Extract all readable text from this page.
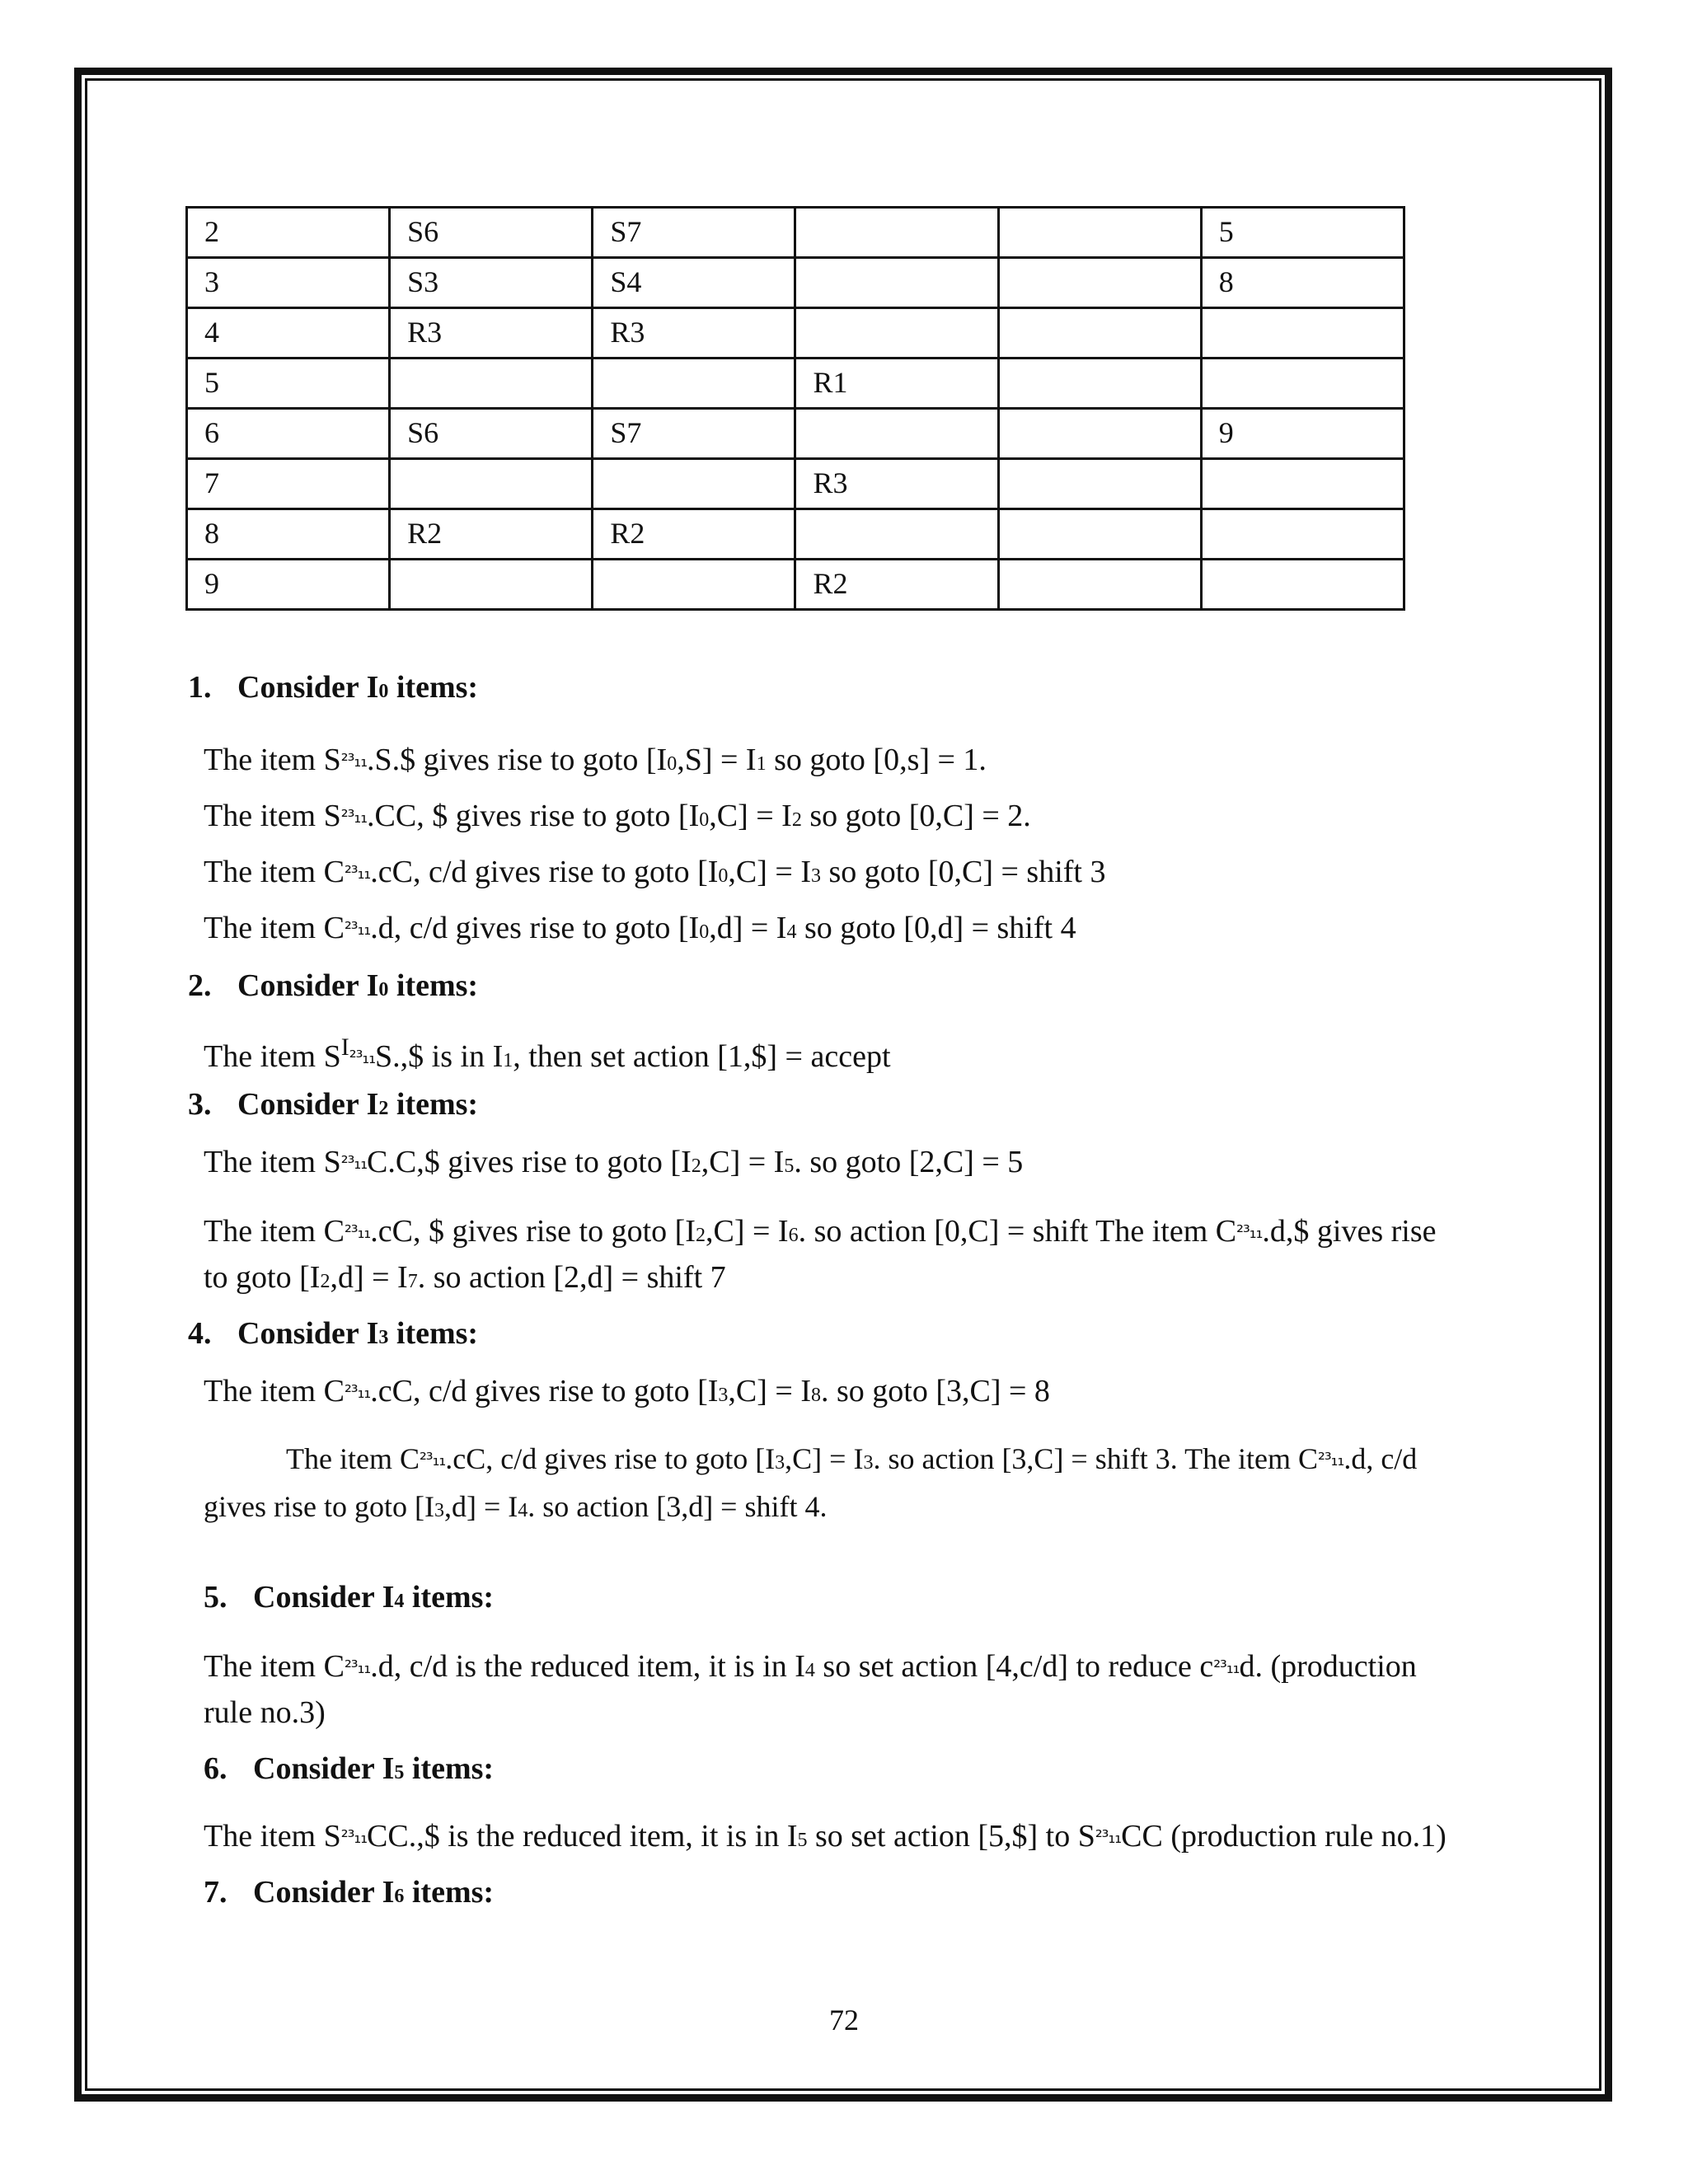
2	S6	S7			5
3	S3	S4			8
4	R3	R3			
5			R1		
6	S6	S7			9
7			R3		
8	R2	R2			
9			R2		
1. Consider I0 items:
The item S²³₁₁.S.$ gives rise to goto [I0,S] = I1 so goto [0,s] = 1.
The item S²³₁₁.CC, $ gives rise to goto [I0,C] = I2 so goto [0,C] = 2.
The item C²³₁₁.cC, c/d gives rise to goto [I0,C] = I3 so goto [0,C] = shift 3
The item C²³₁₁.d, c/d gives rise to goto [I0,d] = I4 so goto [0,d] = shift 4
2. Consider I0 items:
The item $S^I^{23}_{11}S.,\$$ is in I1, then set action [1,$] = accept
3. Consider I2 items:
The item S²³₁₁C.C,$ gives rise to goto [I2,C] = I5. so goto [2,C] = 5
The item C²³₁₁.cC, $ gives rise to goto [I2,C] = I6. so action [0,C] = shift The item C²³₁₁.d,$ gives rise
to goto [I2,d] = I7. so action [2,d] = shift 7
4. Consider I3 items:
The item C²³₁₁.cC, c/d gives rise to goto [I3,C] = I8. so goto [3,C] = 8
The item C²³₁₁.cC, c/d gives rise to goto [I3,C] = I3. so action [3,C] = shift 3. The item C²³₁₁.d, c/d
gives rise to goto [I3,d] = I4. so action [3,d] = shift 4.
5. Consider I4 items:
The item C²³₁₁.d, c/d is the reduced item, it is in I4 so set action [4,c/d] to reduce c²³₁₁d. (production
rule no.3)
6. Consider I5 items:
The item S²³₁₁CC.,$ is the reduced item, it is in I5 so set action [5,$] to S²³₁₁CC (production rule no.1)
7. Consider I6 items:
72
